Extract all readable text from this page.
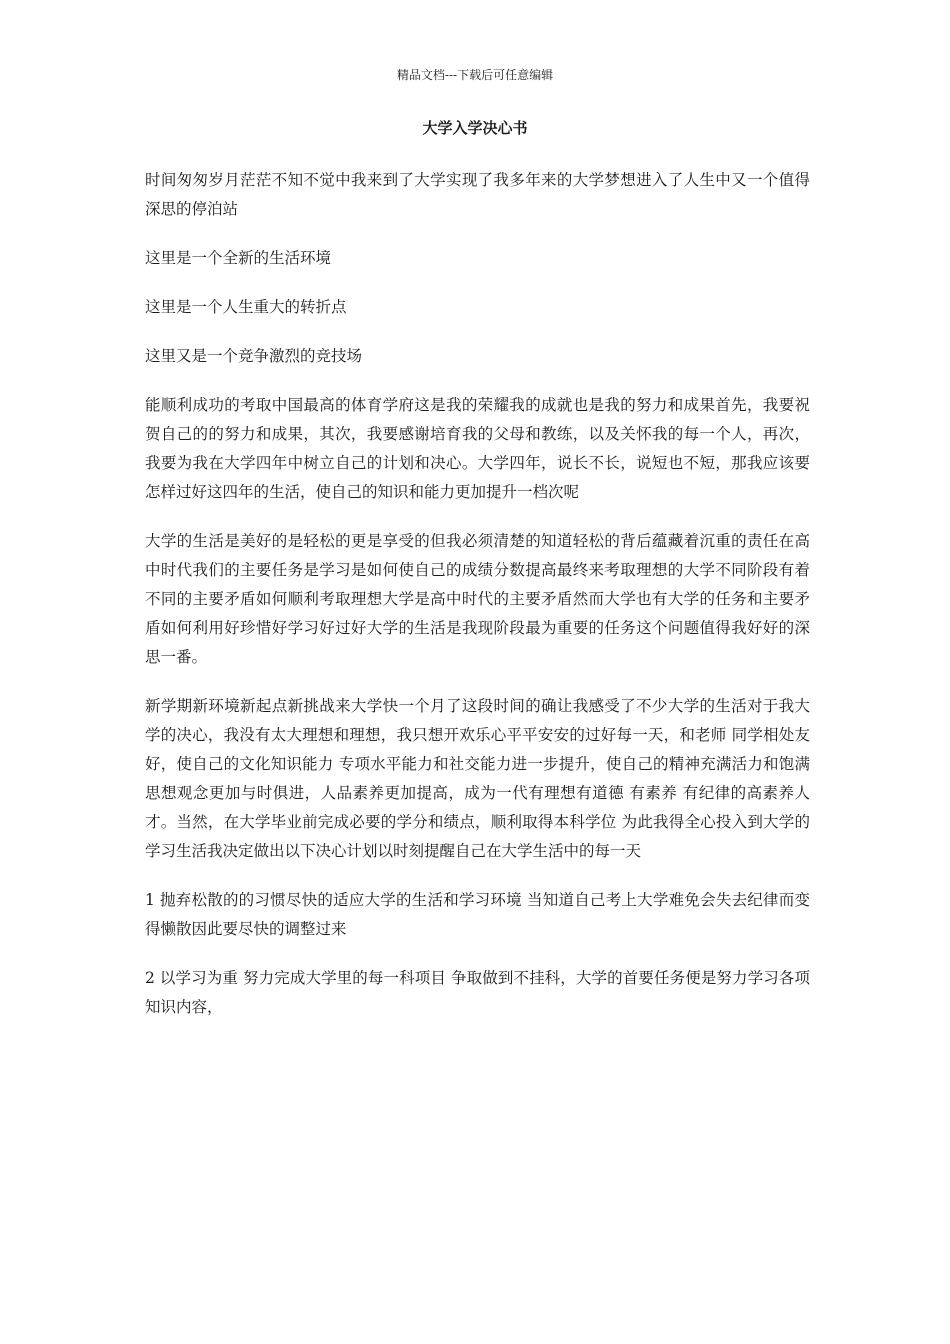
精品文档---下载后可任意编辑
大学入学决心书

时间匆匆岁月茫茫不知不觉中我来到了大学实现了我多年来的大学梦想进入了人生中又一个值得深思的停泊站

这里是一个全新的生活环境

这里是一个人生重大的转折点

这里又是一个竞争激烈的竞技场

能顺利成功的考取中国最高的体育学府这是我的荣耀我的成就也是我的努力和成果首先，我要祝贺自己的的努力和成果，其次，我要感谢培育我的父母和教练，以及关怀我的每一个人，再次，我要为我在大学四年中树立自己的计划和决心。大学四年，说长不长，说短也不短，那我应该要怎样过好这四年的生活，使自己的知识和能力更加提升一档次呢

大学的生活是美好的是轻松的更是享受的但我必须清楚的知道轻松的背后蕴藏着沉重的责任在高中时代我们的主要任务是学习是如何使自己的成绩分数提高最终来考取理想的大学不同阶段有着不同的主要矛盾如何顺利考取理想大学是高中时代的主要矛盾然而大学也有大学的任务和主要矛盾如何利用好珍惜好学习好过好大学的生活是我现阶段最为重要的任务这个问题值得我好好的深思一番。

新学期新环境新起点新挑战来大学快一个月了这段时间的确让我感受了不少大学的生活对于我大学的决心，我没有太大理想和理想，我只想开欢乐心平平安安的过好每一天，和老师 同学相处友好，使自己的文化知识能力 专项水平能力和社交能力进一步提升，使自己的精神充满活力和饱满思想观念更加与时俱进，人品素养更加提高，成为一代有理想有道德 有素养 有纪律的高素养人才。当然，在大学毕业前完成必要的学分和绩点，顺利取得本科学位 为此我得全心投入到大学的学习生活我决定做出以下决心计划以时刻提醒自己在大学生活中的每一天

1 抛弃松散的的习惯尽快的适应大学的生活和学习环境 当知道自己考上大学难免会失去纪律而变得懒散因此要尽快的调整过来

2 以学习为重 努力完成大学里的每一科项目 争取做到不挂科，大学的首要任务便是努力学习各项知识内容，
